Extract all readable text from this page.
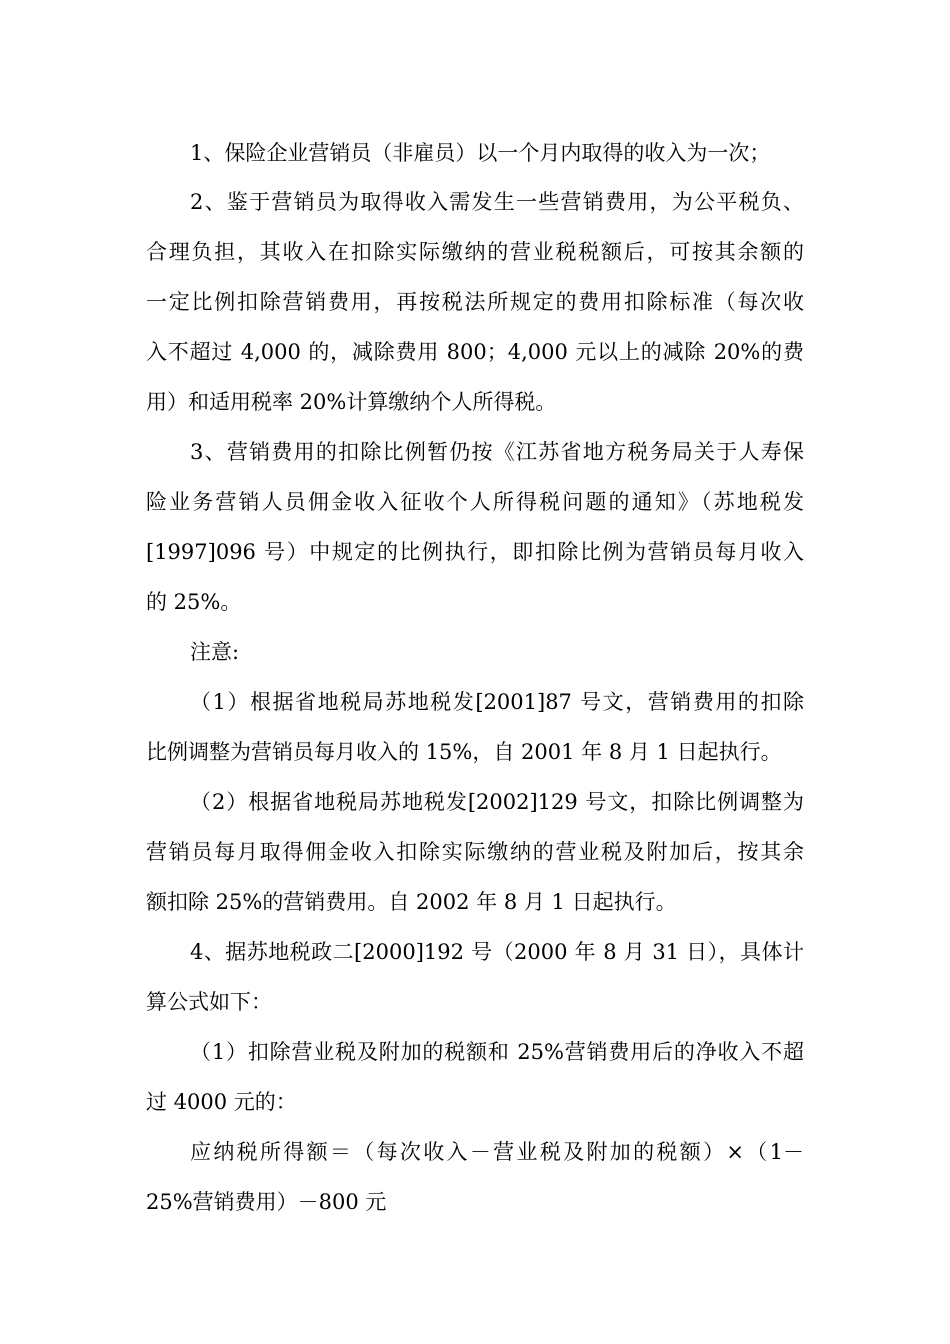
1、保险企业营销员（非雇员）以一个月内取得的收入为一次；
2、鉴于营销员为取得收入需发生一些营销费用，为公平税负、
合理负担，其收入在扣除实际缴纳的营业税税额后，可按其余额的
一定比例扣除营销费用，再按税法所规定的费用扣除标准（每次收
入不超过 4,000 的，减除费用 800；4,000 元以上的减除 20%的费
用）和适用税率 20%计算缴纳个人所得税。
3、营销费用的扣除比例暂仍按《江苏省地方税务局关于人寿保
险业务营销人员佣金收入征收个人所得税问题的通知》（苏地税发
[1997]096 号）中规定的比例执行，即扣除比例为营销员每月收入
的 25%。
注意:
（1）根据省地税局苏地税发[2001]87 号文，营销费用的扣除
比例调整为营销员每月收入的 15%，自 2001 年 8 月 1 日起执行。
（2）根据省地税局苏地税发[2002]129 号文，扣除比例调整为
营销员每月取得佣金收入扣除实际缴纳的营业税及附加后，按其余
额扣除 25%的营销费用。自 2002 年 8 月 1 日起执行。
4、据苏地税政二[2000]192 号（2000 年 8 月 31 日），具体计
算公式如下：
（1）扣除营业税及附加的税额和 25%营销费用后的净收入不超
过 4000 元的：
应纳税所得额＝（每次收入－营业税及附加的税额）×（1－
25%营销费用）－800 元
